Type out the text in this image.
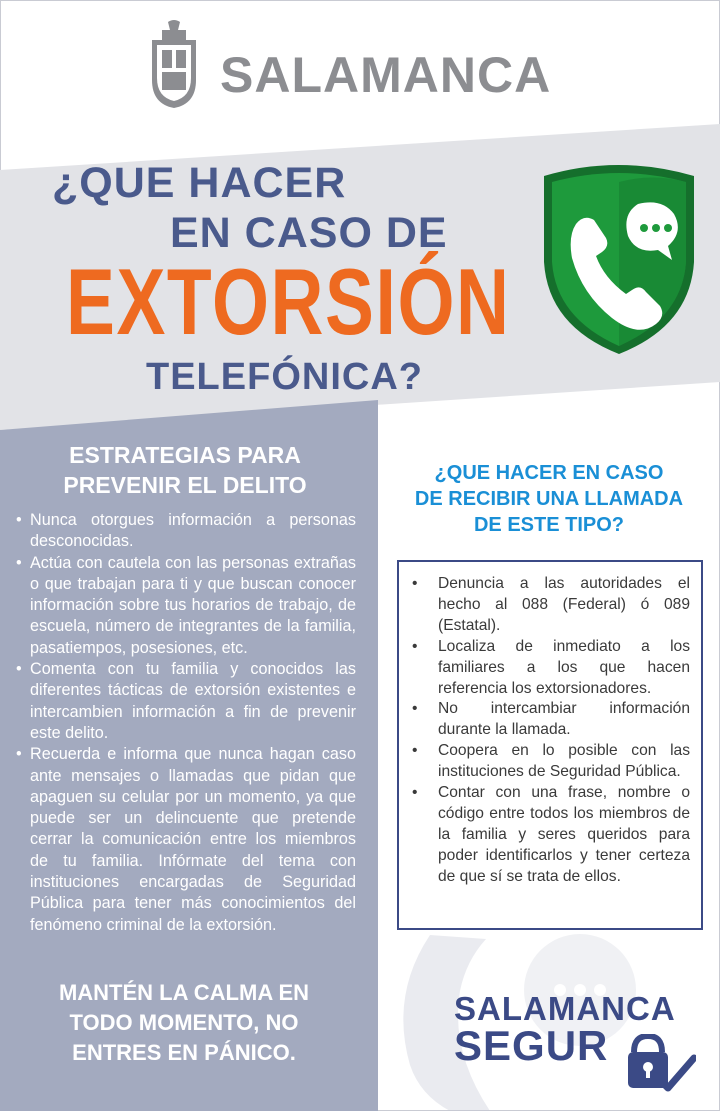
SALAMANCA
¿QUE HACER
EN CASO DE
EXTORSIÓN
TELEFÓNICA?
ESTRATEGIAS PARA
PREVENIR EL DELITO
• Nunca otorgues información a personas desconocidas.
• Actúa con cautela con las personas extrañas o que trabajan para ti y que buscan conocer información sobre tus horarios de trabajo, de escuela, número de integrantes de la familia, pasatiempos, posesiones, etc.
• Comenta con tu familia y conocidos las diferentes tácticas de extorsión existentes e intercambien información a fin de prevenir este delito.
• Recuerda e informa que nunca hagan caso ante mensajes o llamadas que pidan que apaguen su celular por un momento, ya que puede ser un delincuente que pretende cerrar la comunicación entre los miembros de tu familia. Infórmate del tema con instituciones encargadas de Seguridad Pública para tener más conocimientos del fenómeno criminal de la extorsión.
MANTÉN LA CALMA EN
TODO MOMENTO, NO
ENTRES EN PÁNICO.
¿QUE HACER EN CASO
DE RECIBIR UNA LLAMADA
DE ESTE TIPO?
• Denuncia a las autoridades el hecho al 088 (Federal) ó 089 (Estatal).
• Localiza de inmediato a los familiares a los que hacen referencia los extorsionadores.
• No intercambiar información durante la llamada.
• Coopera en lo posible con las instituciones de Seguridad Pública.
• Contar con una frase, nombre o código entre todos los miembros de la familia y seres queridos para poder identificarlos y tener certeza de que sí se trata de ellos.
SALAMANCA
SEGUR
